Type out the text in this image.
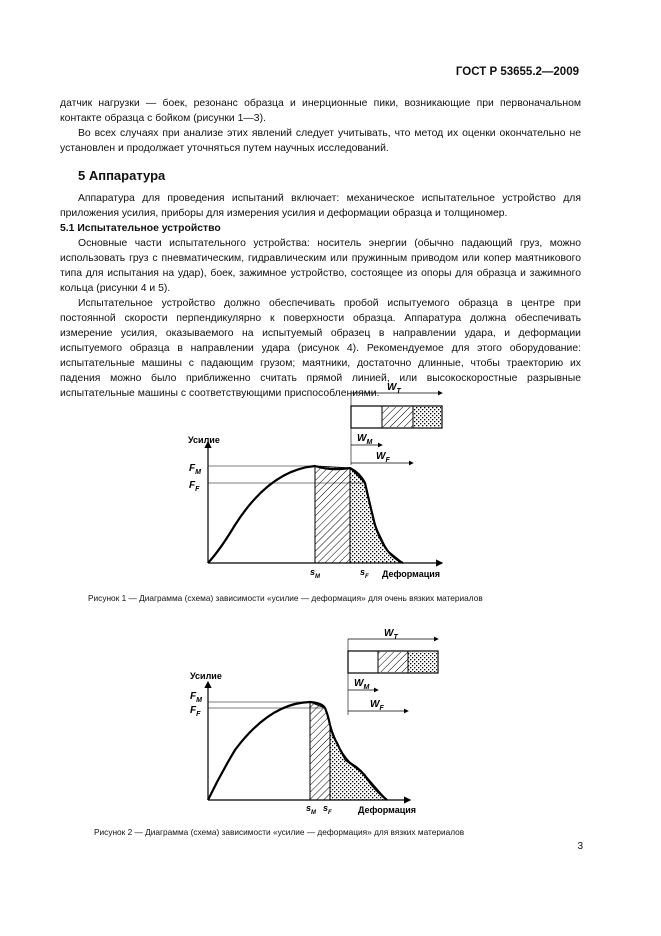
ГОСТ Р 53655.2—2009

датчик нагрузки — боек, резонанс образца и инерционные пики, возникающие при первоначальном контакте образца с бойком (рисунки 1—3).

Во всех случаях при анализе этих явлений следует учитывать, что метод их оценки окончательно не установлен и продолжает уточняться путем научных исследований.

5 Аппаратура

Аппаратура для проведения испытаний включает: механическое испытательное устройство для приложения усилия, приборы для измерения усилия и деформации образца и толщиномер.

5.1 Испытательное устройство

Основные части испытательного устройства: носитель энергии (обычно падающий груз, можно использовать груз с пневматическим, гидравлическим или пружинным приводом или копер маятникового типа для испытания на удар), боек, зажимное устройство, состоящее из опоры для образца и зажимного кольца (рисунки 4 и 5).

Испытательное устройство должно обеспечивать пробой испытуемого образца в центре при постоянной скорости перпендикулярно к поверхности образца. Аппаратура должна обеспечивать измерение усилия, оказываемого на испытуемый образец в направлении удара, и деформации испытуемого образца в направлении удара (рисунок 4). Рекомендуемое для этого оборудование: испытательные машины с падающим грузом; маятники, достаточно длинные, чтобы траекторию их падения можно было приближенно считать прямой линией, или высокоскоростные разрывные испытательные машины с соответствующими приспособлениями.

$W_T$
$W_M$
$W_F$
Усилие
$F_M$
$F_F$
$s_M$	$s_F$ Деформация
Рисунок 1 — Диаграмма (схема) зависимости «усилие — деформация» для очень вязких материалов
$W_T$
$W_M$
$W_F$
Усилие
$F_M$
$F_F$
$s_M$ $s_F$	Деформация
Рисунок 2 — Диаграмма (схема) зависимости «усилие — деформация» для вязких материалов
3
